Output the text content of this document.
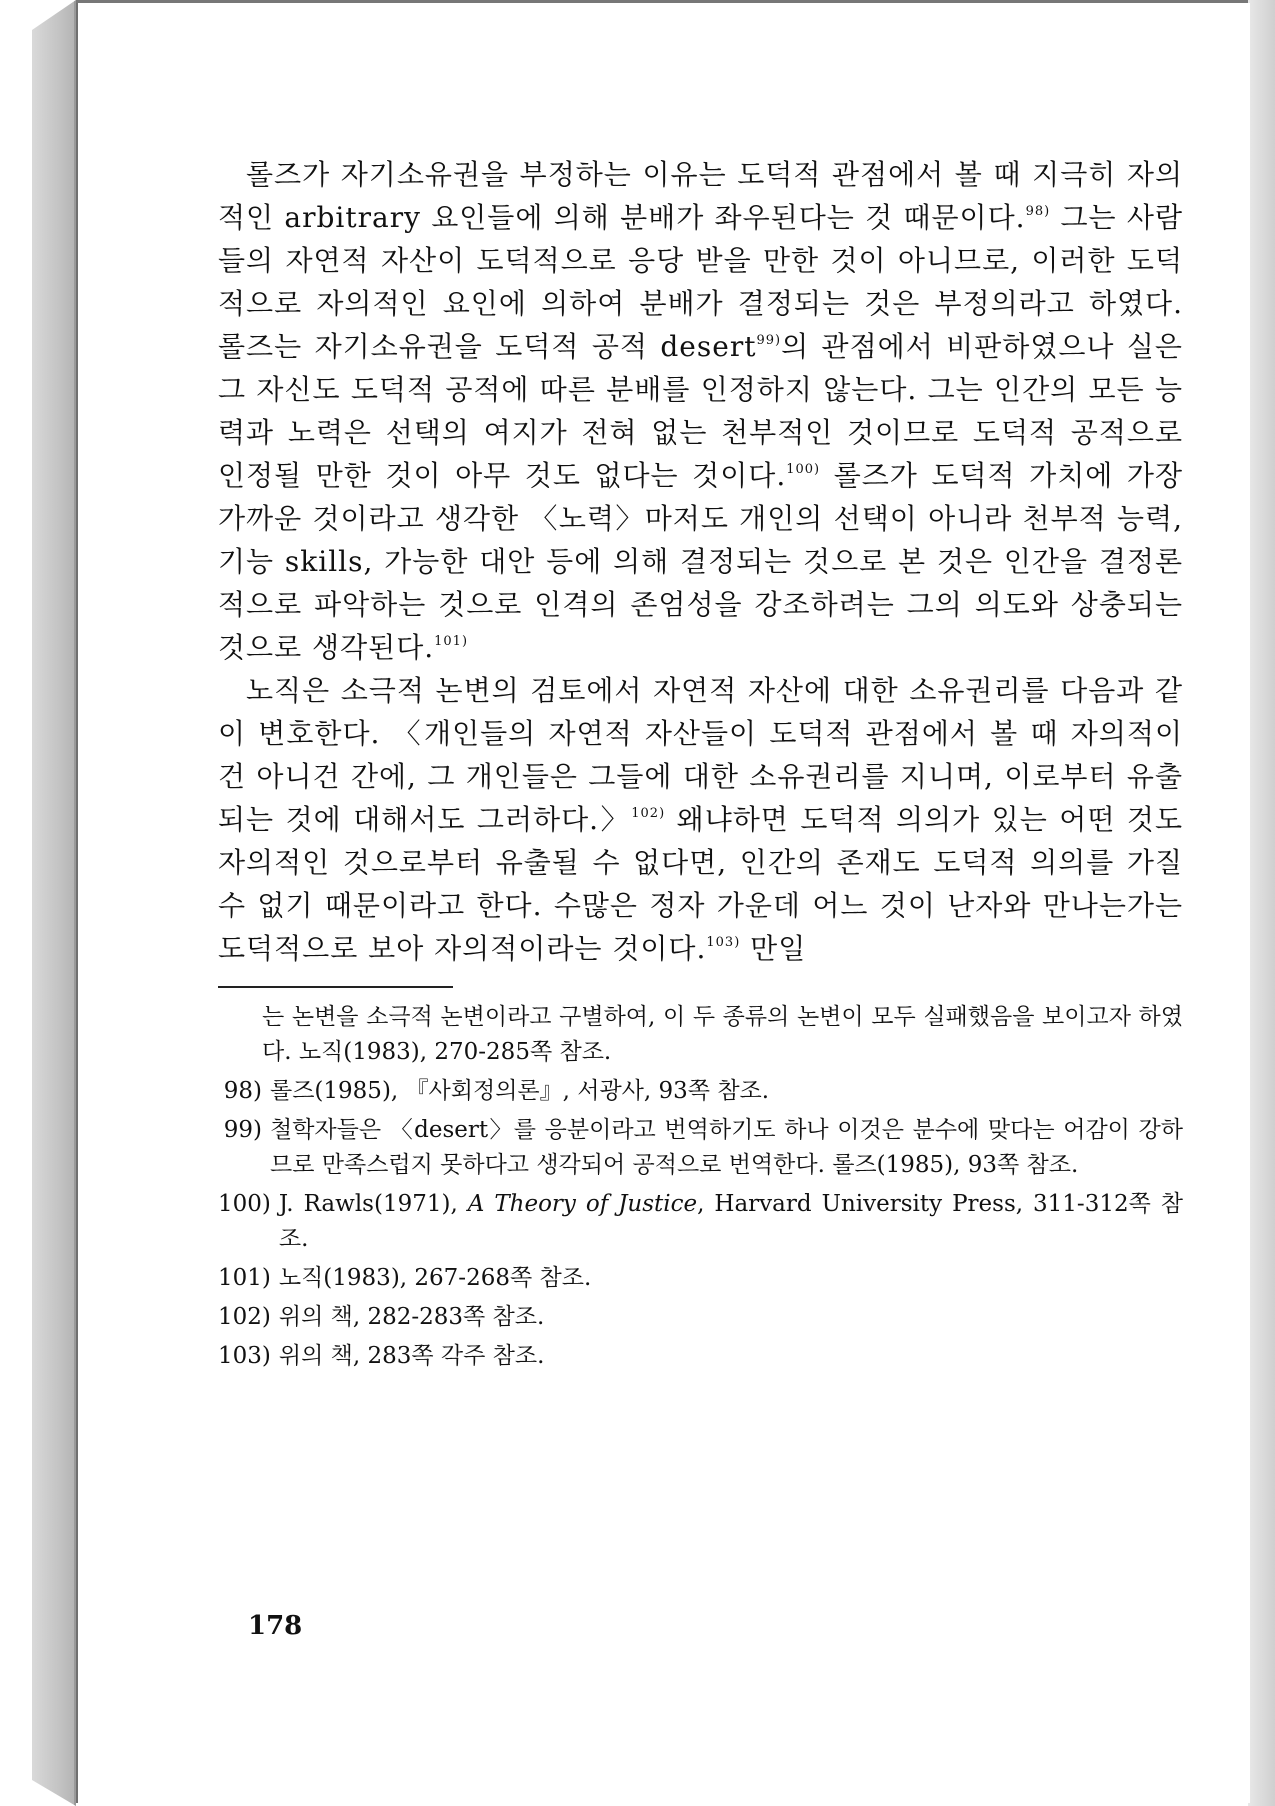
롤즈가 자기소유권을 부정하는 이유는 도덕적 관점에서 볼 때 지극히 자의적인 arbitrary 요인들에 의해 분배가 좌우된다는 것 때문이다.$^{98)}$ 그는 사람들의 자연적 자산이 도덕적으로 응당 받을 만한 것이 아니므로, 이러한 도덕적으로 자의적인 요인에 의하여 분배가 결정되는 것은 부정의라고 하였다. 롤즈는 자기소유권을 도덕적 공적 desert$^{99)}$의 관점에서 비판하였으나 실은 그 자신도 도덕적 공적에 따른 분배를 인정하지 않는다. 그는 인간의 모든 능력과 노력은 선택의 여지가 전혀 없는 천부적인 것이므로 도덕적 공적으로 인정될 만한 것이 아무 것도 없다는 것이다.$^{100)}$ 롤즈가 도덕적 가치에 가장 가까운 것이라고 생각한 〈노력〉마저도 개인의 선택이 아니라 천부적 능력, 기능 skills, 가능한 대안 등에 의해 결정되는 것으로 본 것은 인간을 결정론적으로 파악하는 것으로 인격의 존엄성을 강조하려는 그의 의도와 상충되는 것으로 생각된다.$^{101)}$

노직은 소극적 논변의 검토에서 자연적 자산에 대한 소유권리를 다음과 같이 변호한다. 〈개인들의 자연적 자산들이 도덕적 관점에서 볼 때 자의적이건 아니건 간에, 그 개인들은 그들에 대한 소유권리를 지니며, 이로부터 유출되는 것에 대해서도 그러하다.〉$^{102)}$ 왜냐하면 도덕적 의의가 있는 어떤 것도 자의적인 것으로부터 유출될 수 없다면, 인간의 존재도 도덕적 의의를 가질 수 없기 때문이라고 한다. 수많은 정자 가운데 어느 것이 난자와 만나는가는 도덕적으로 보아 자의적이라는 것이다.$^{103)}$ 만일

는 논변을 소극적 논변이라고 구별하여, 이 두 종류의 논변이 모두 실패했음을 보이고자 하였다. 노직(1983), 270-285쪽 참조.

98) 롤즈(1985), 『사회정의론』, 서광사, 93쪽 참조.
99) 철학자들은 〈desert〉를 응분이라고 번역하기도 하나 이것은 분수에 맞다는 어감이 강하므로 만족스럽지 못하다고 생각되어 공적으로 번역한다. 롤즈(1985), 93쪽 참조.
100) J. Rawls(1971), A Theory of Justice, Harvard University Press, 311-312쪽 참조.
101) 노직(1983), 267-268쪽 참조.
102) 위의 책, 282-283쪽 참조.
103) 위의 책, 283쪽 각주 참조.
178
